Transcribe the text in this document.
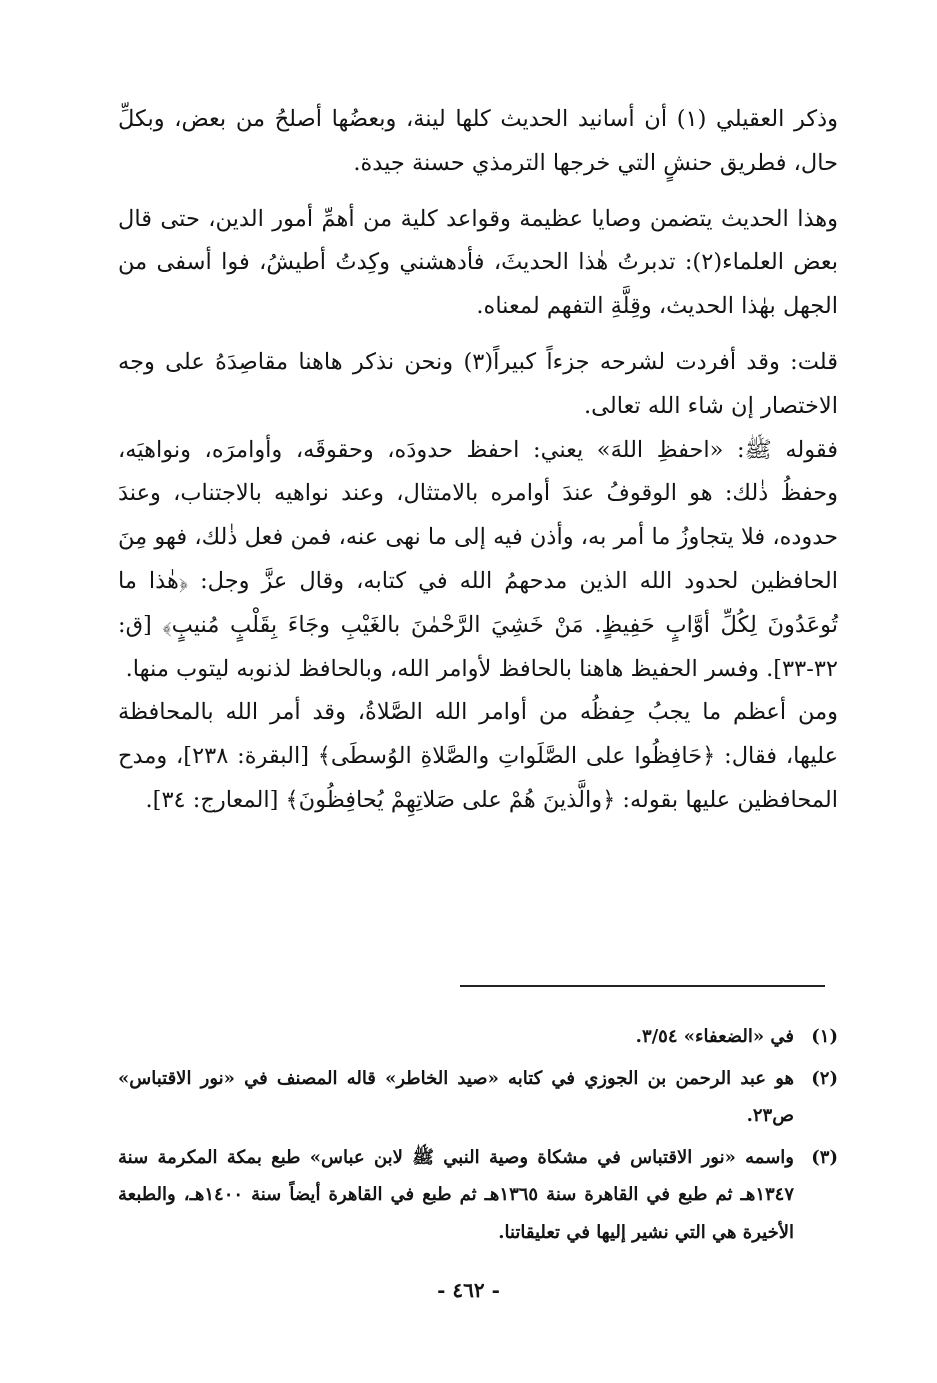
وذكر العقيلي (١) أن أسانيد الحديث كلها لينة، وبعضُها أصلحُ من بعض، وبكلِّ حال، فطريق حنشٍ التي خرجها الترمذي حسنة جيدة.

وهذا الحديث يتضمن وصايا عظيمة وقواعد كلية من أهمِّ أمور الدين، حتى قال بعض العلماء(٢): تدبرتُ هٰذا الحديثَ، فأدهشني وكِدتُ أطيشُ، فوا أسفى من الجهل بهٰذا الحديث، وقِلَّةِ التفهم لمعناه.

قلت: وقد أفردت لشرحه جزءاً كبيراً(٣) ونحن نذكر هاهنا مقاصِدَهُ على وجه الاختصار إن شاء الله تعالى.

فقوله ﷺ: «احفظِ اللهَ» يعني: احفظ حدودَه، وحقوقَه، وأوامرَه، ونواهيَه، وحفظُ ذٰلك: هو الوقوفُ عندَ أوامره بالامتثال، وعند نواهيه بالاجتناب، وعندَ حدوده، فلا يتجاوزُ ما أمر به، وأذن فيه إلى ما نهى عنه، فمن فعل ذٰلك، فهو مِنَ الحافظين لحدود الله الذين مدحهمُ الله في كتابه، وقال عزَّ وجل: ﴿هٰذا ما تُوعَدُونَ لِكُلِّ أوَّابٍ حَفِيظٍ. مَنْ خَشِيَ الرَّحْمٰنَ بالغَيْبِ وجَاءَ بِقَلْبٍ مُنيبٍ﴾ [ق: ٣٢-٣٣]. وفسر الحفيظ هاهنا بالحافظ لأوامر الله، وبالحافظ لذنوبه ليتوب منها.

ومن أعظم ما يجبُ حِفظُه من أوامر الله الصَّلاةُ، وقد أمر الله بالمحافظة عليها، فقال: ﴿حَافِظُوا على الصَّلَواتِ والصَّلاةِ الوُسطَى﴾ [البقرة: ٢٣٨]، ومدح المحافظين عليها بقوله: ﴿والَّذينَ هُمْ على صَلاتِهِمْ يُحافِظُونَ﴾ [المعارج: ٣٤].

(١)
في «الضعفاء» ٣/٥٤.
(٢)
هو عبد الرحمن بن الجوزي في كتابه «صيد الخاطر» قاله المصنف في «نور الاقتباس» ص٢٣.
(٣)
واسمه «نور الاقتباس في مشكاة وصية النبي ﷺ لابن عباس» طبع بمكة المكرمة سنة ١٣٤٧هـ ثم طبع في القاهرة سنة ١٣٦٥هـ ثم طبع في القاهرة أيضاً سنة ١٤٠٠هـ، والطبعة الأخيرة هي التي نشير إليها في تعليقاتنا.
- ٤٦٢ -
